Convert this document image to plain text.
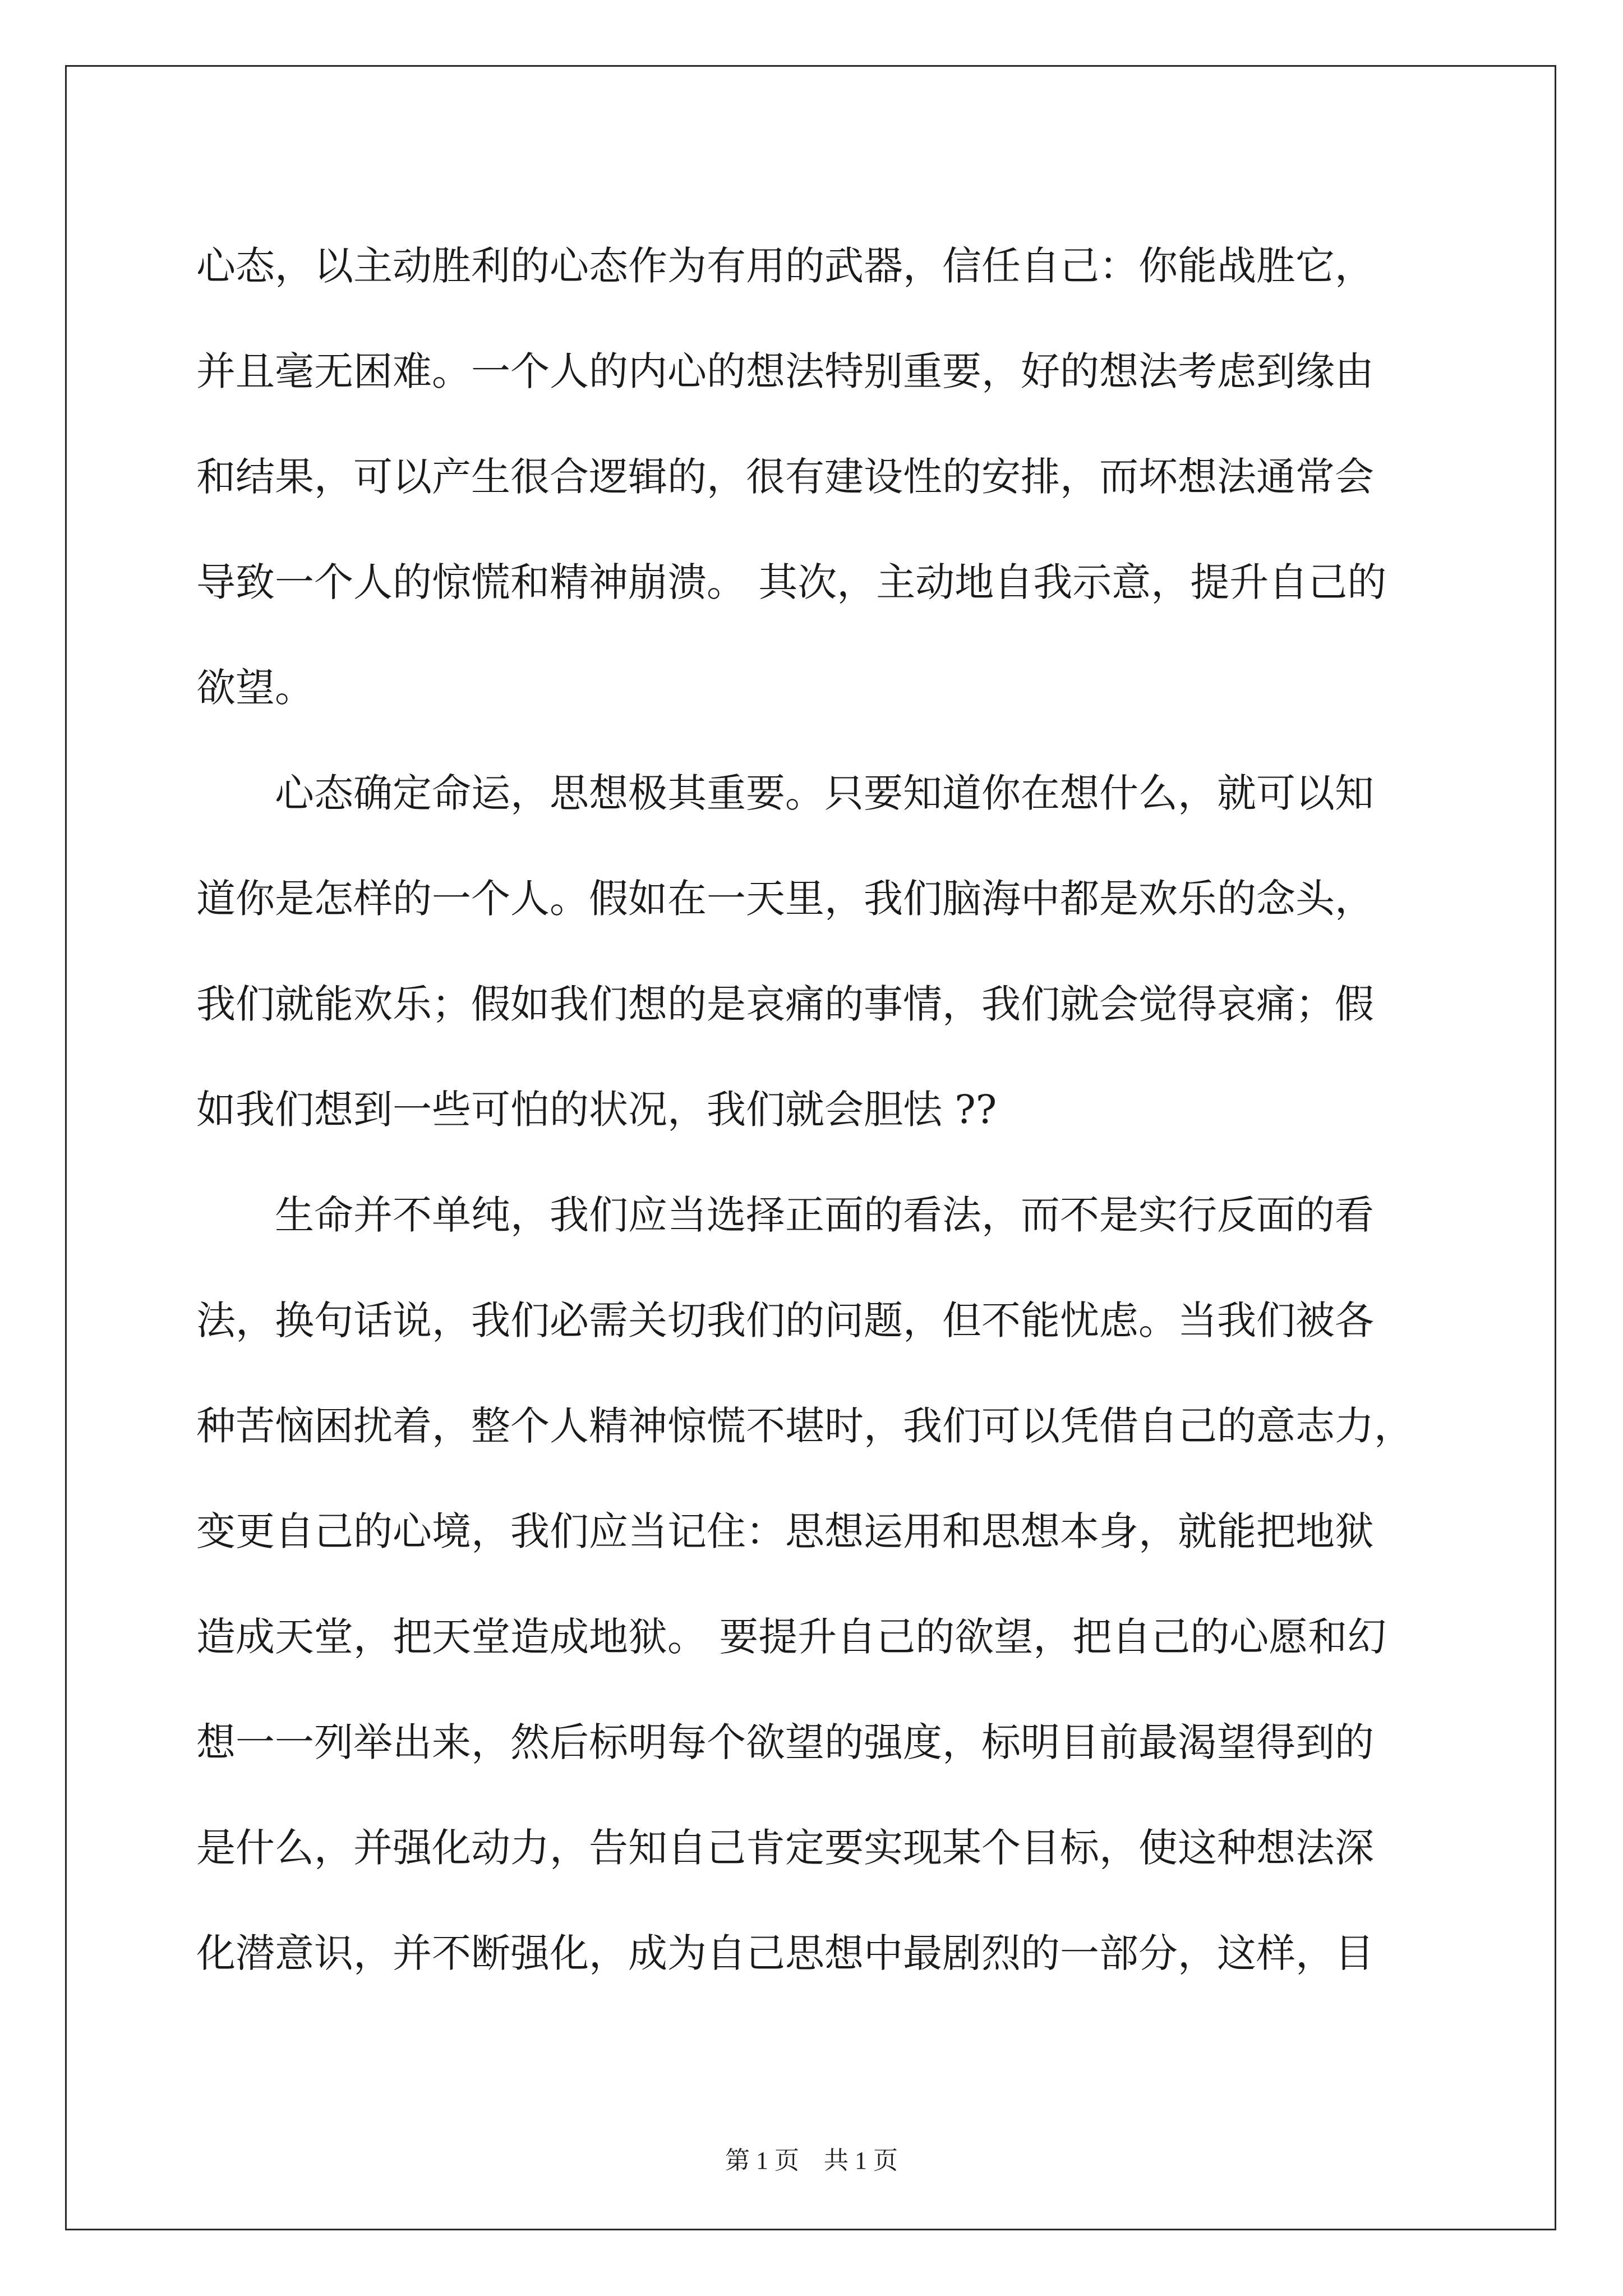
心态，以主动胜利的心态作为有用的武器，信任自己：你能战胜它，
并且毫无困难。一个人的内心的想法特别重要，好的想法考虑到缘由
和结果，可以产生很合逻辑的，很有建设性的安排，而坏想法通常会
导致一个人的惊慌和精神崩溃。 其次，主动地自我示意，提升自己的
欲望。
心态确定命运，思想极其重要。只要知道你在想什么，就可以知
道你是怎样的一个人。假如在一天里，我们脑海中都是欢乐的念头，
我们就能欢乐；假如我们想的是哀痛的事情，我们就会觉得哀痛；假
如我们想到一些可怕的状况，我们就会胆怯 ??
生命并不单纯，我们应当选择正面的看法，而不是实行反面的看
法，换句话说，我们必需关切我们的问题，但不能忧虑。当我们被各
种苦恼困扰着，整个人精神惊慌不堪时，我们可以凭借自己的意志力，
变更自己的心境，我们应当记住：思想运用和思想本身，就能把地狱
造成天堂，把天堂造成地狱。 要提升自己的欲望，把自己的心愿和幻
想一一列举出来，然后标明每个欲望的强度，标明目前最渴望得到的
是什么，并强化动力，告知自己肯定要实现某个目标，使这种想法深
化潜意识，并不断强化，成为自己思想中最剧烈的一部分，这样，目
第 1 页    共 1 页
